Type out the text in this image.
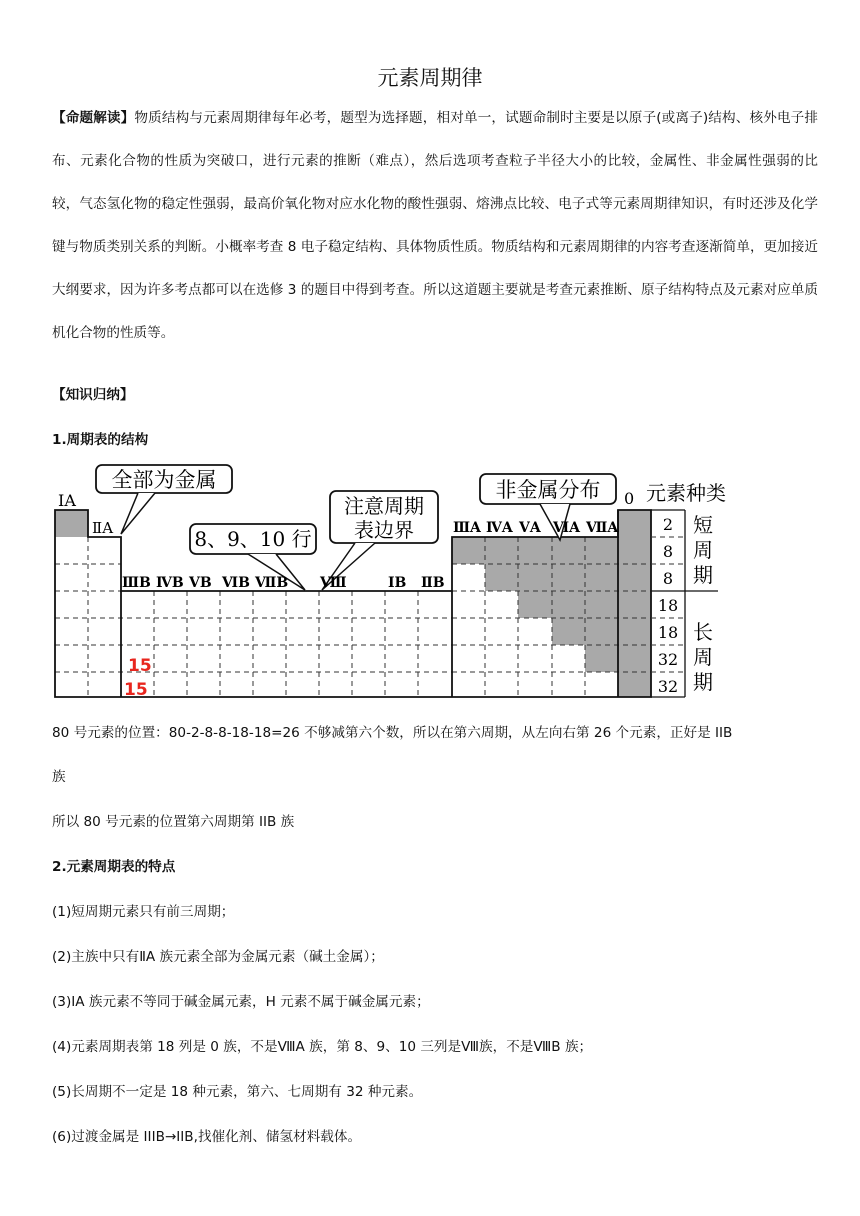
元素周期律
【命题解读】物质结构与元素周期律每年必考，题型为选择题，相对单一，试题命制时主要是以原子(或离子)结构、核外电子排布、元素化合物的性质为突破口，进行元素的推断（难点），然后选项考查粒子半径大小的比较，金属性、非金属性强弱的比较，气态氢化物的稳定性强弱，最高价氧化物对应水化物的酸性强弱、熔沸点比较、电子式等元素周期律知识，有时还涉及化学键与物质类别关系的判断。小概率考查 8 电子稳定结构、具体物质性质。物质结构和元素周期律的内容考查逐渐简单，更加接近大纲要求，因为许多考点都可以在选修 3 的题目中得到考查。所以这道题主要就是考查元素推断、原子结构特点及元素对应单质机化合物的性质等。
【知识归纳】
1.周期表的结构
全部为金属
8、9、10 行
注意周期
表边界
非金属分布
ⅠA
ⅡA
0 元素种类
ⅢB ⅣB ⅤB ⅥB ⅦB Ⅷ	ⅠB ⅡB
ⅢA ⅣA ⅤA ⅥA ⅦA	2
8
8
18
18
32
32
短
周
期
长
周
期
15
15
80 号元素的位置：80-2-8-8-18-18=26 不够减第六个数，所以在第六周期，从左向右第 26 个元素，正好是 IIB
族
所以 80 号元素的位置第六周期第 IIB 族
2.元素周期表的特点
(1)短周期元素只有前三周期；
(2)主族中只有ⅡA 族元素全部为金属元素（碱土金属）；
(3)ⅠA 族元素不等同于碱金属元素，H 元素不属于碱金属元素；
(4)元素周期表第 18 列是 0 族，不是ⅧA 族，第 8、9、10 三列是Ⅷ族，不是ⅧB 族；
(5)长周期不一定是 18 种元素，第六、七周期有 32 种元素。
(6)过渡金属是 IIIB→IIB,找催化剂、储氢材料载体。
